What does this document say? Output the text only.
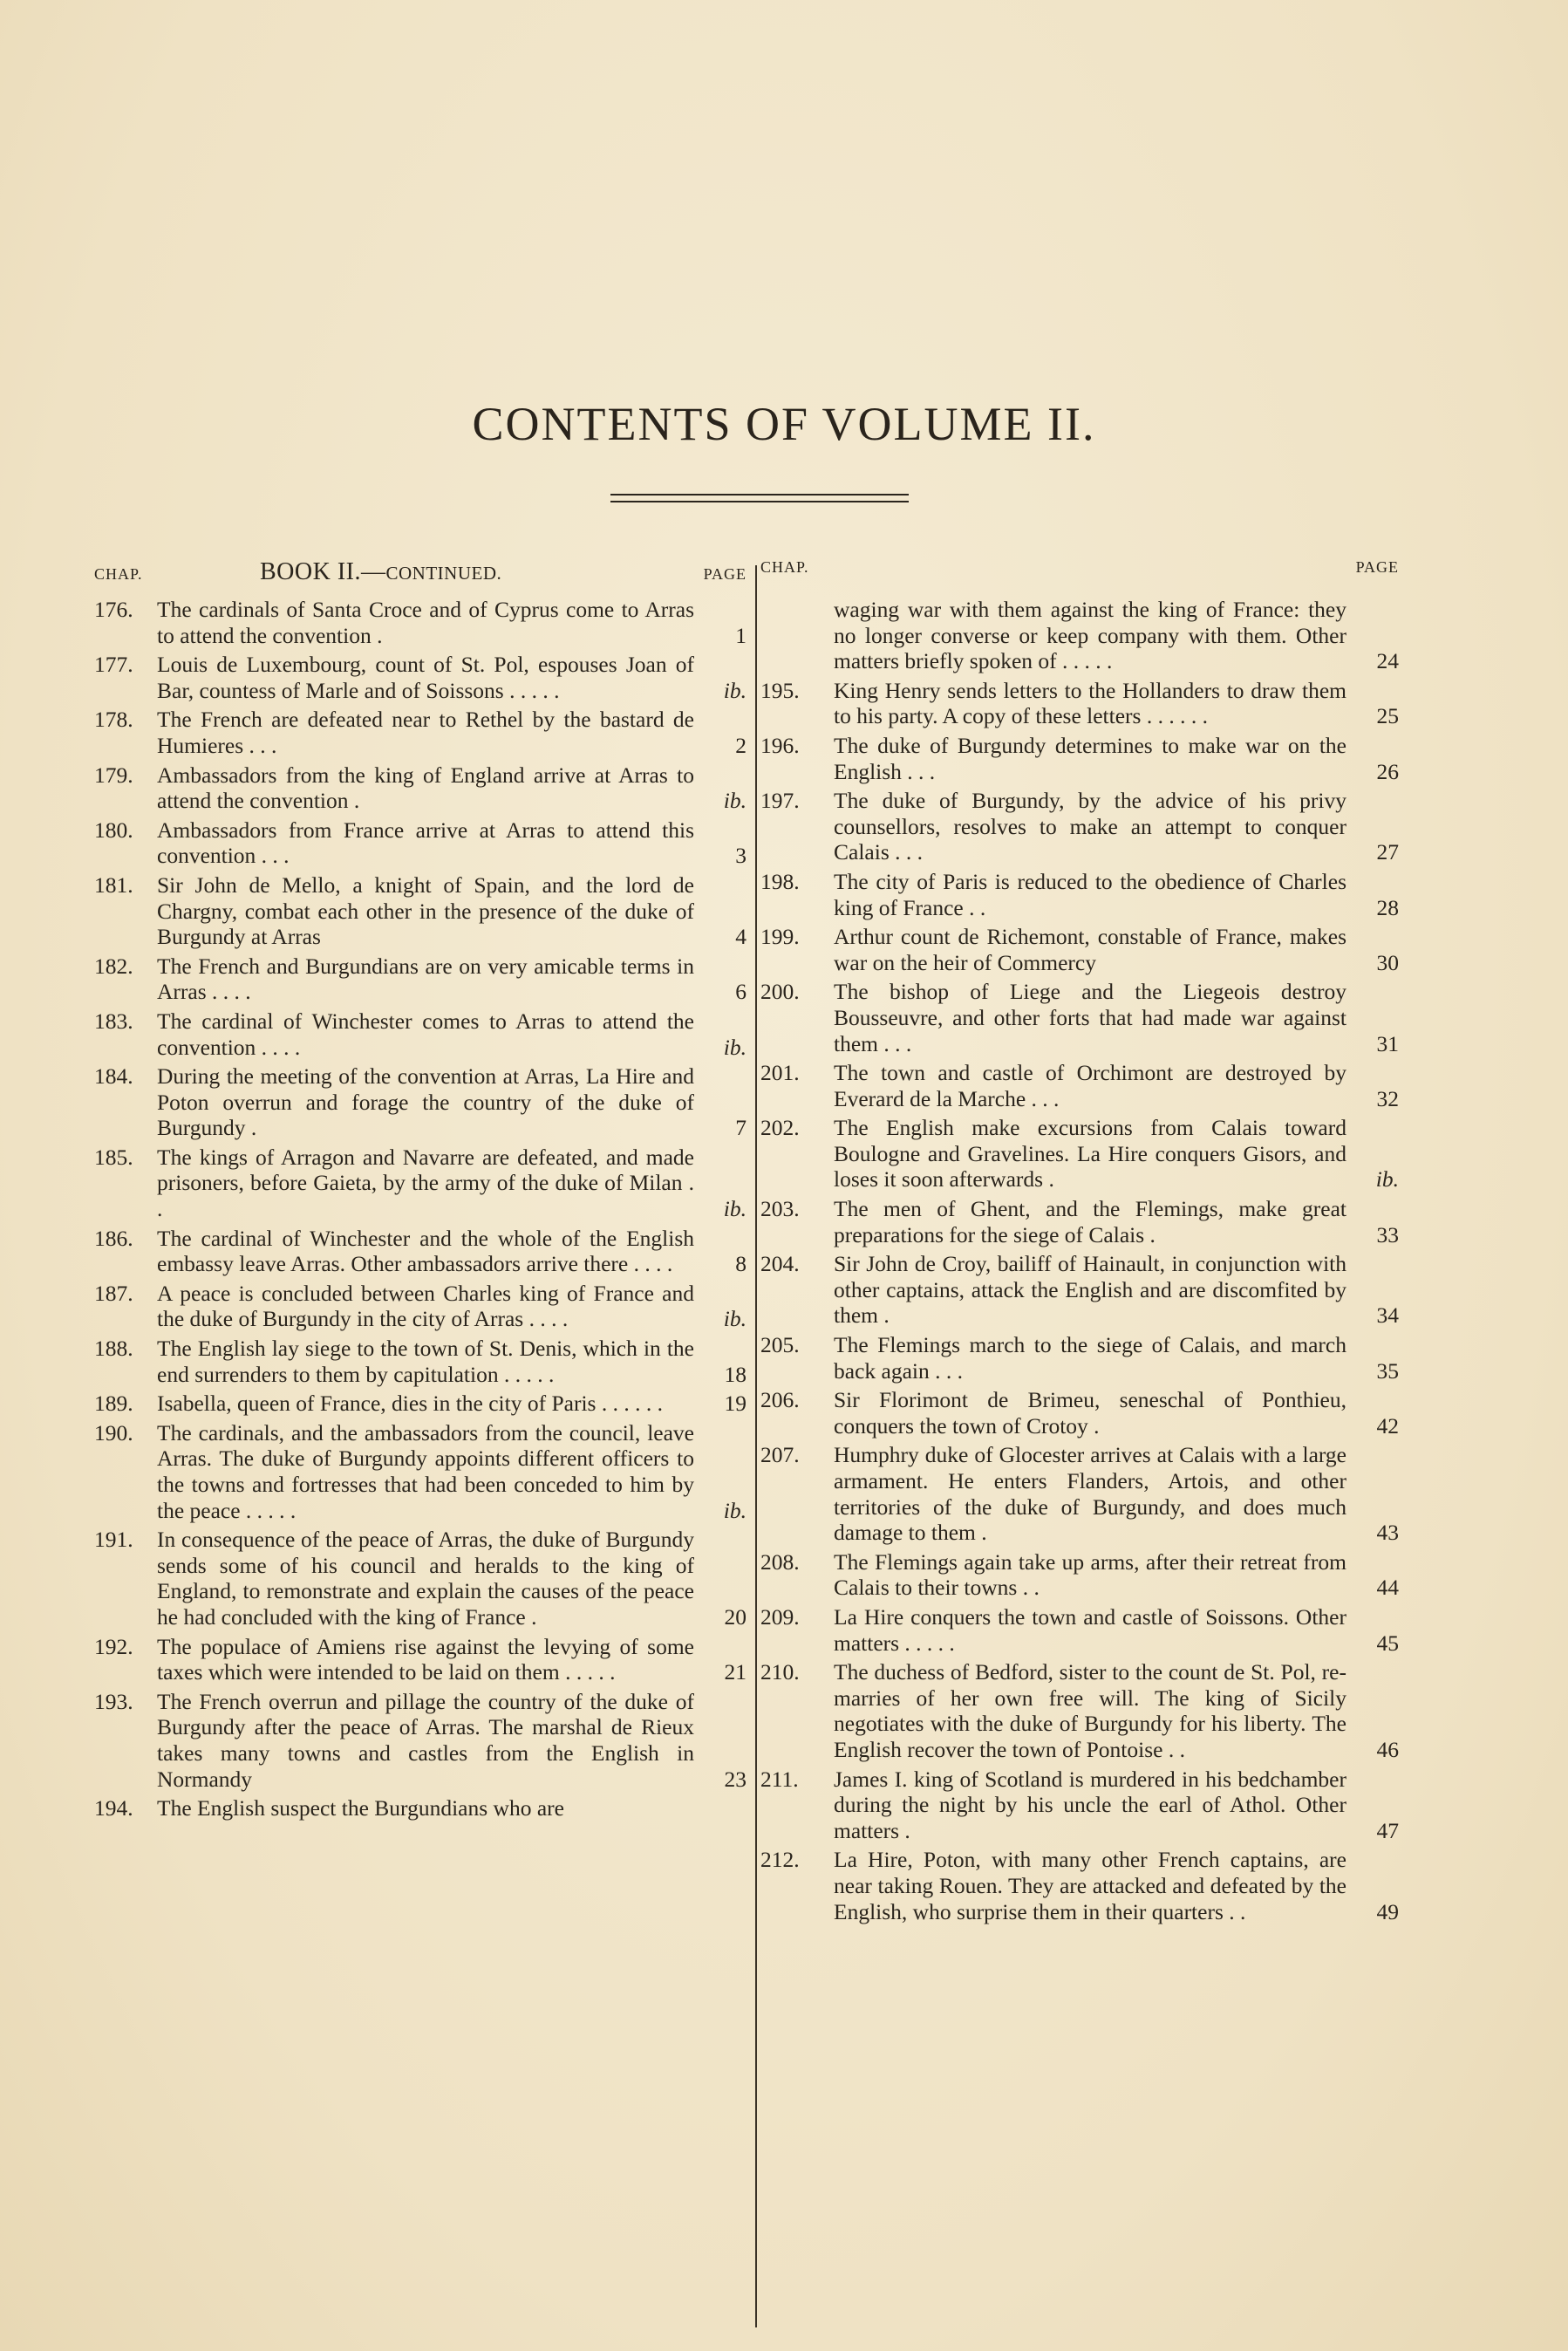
CONTENTS OF VOLUME II.
CHAP.	BOOK II.—CONTINUED.	PAGE
176.	The cardinals of Santa Croce and of Cyprus come to Arras to attend the convention .	1
177.	Louis de Luxembourg, count of St. Pol, espouses Joan of Bar, countess of Marle and of Soissons . . . . .	ib.
178.	The French are defeated near to Rethel by the bastard de Humieres . . .	2
179.	Ambassadors from the king of England arrive at Arras to attend the convention .	ib.
180.	Ambassadors from France arrive at Arras to attend this convention . . .	3
181.	Sir John de Mello, a knight of Spain, and the lord de Chargny, combat each other in the presence of the duke of Burgundy at Arras	4
182.	The French and Burgundians are on very amicable terms in Arras . . . .	6
183.	The cardinal of Winchester comes to Arras to attend the convention . . . .	ib.
184.	During the meeting of the convention at Arras, La Hire and Poton overrun and forage the country of the duke of Burgundy .	7
185.	The kings of Arragon and Navarre are defeated, and made prisoners, before Gaieta, by the army of the duke of Milan . .	ib.
186.	The cardinal of Winchester and the whole of the English embassy leave Arras. Other ambassadors arrive there . . . .	8
187.	A peace is concluded between Charles king of France and the duke of Burgundy in the city of Arras . . . .	ib.
188.	The English lay siege to the town of St. Denis, which in the end surrenders to them by capitulation . . . . .	18
189.	Isabella, queen of France, dies in the city of Paris . . . . . .	19
190.	The cardinals, and the ambassadors from the council, leave Arras. The duke of Burgundy appoints different officers to the towns and fortresses that had been conceded to him by the peace . . . . .	ib.
191.	In consequence of the peace of Arras, the duke of Burgundy sends some of his council and heralds to the king of England, to remonstrate and explain the causes of the peace he had concluded with the king of France .	20
192.	The populace of Amiens rise against the levying of some taxes which were intended to be laid on them . . . . .	21
193.	The French overrun and pillage the country of the duke of Burgundy after the peace of Arras. The marshal de Rieux takes many towns and castles from the English in Normandy	23
194.	The English suspect the Burgundians who are
CHAP.	PAGE
waging war with them against the king of France: they no longer converse or keep company with them. Other matters briefly spoken of . . . . .	24
195.	King Henry sends letters to the Hollanders to draw them to his party. A copy of these letters . . . . . .	25
196.	The duke of Burgundy determines to make war on the English . . .	26
197.	The duke of Burgundy, by the advice of his privy counsellors, resolves to make an attempt to conquer Calais . . .	27
198.	The city of Paris is reduced to the obedience of Charles king of France . .	28
199.	Arthur count de Richemont, constable of France, makes war on the heir of Commercy	30
200.	The bishop of Liege and the Liegeois destroy Bousseuvre, and other forts that had made war against them . . .	31
201.	The town and castle of Orchimont are destroyed by Everard de la Marche . . .	32
202.	The English make excursions from Calais toward Boulogne and Gravelines. La Hire conquers Gisors, and loses it soon afterwards .	ib.
203.	The men of Ghent, and the Flemings, make great preparations for the siege of Calais .	33
204.	Sir John de Croy, bailiff of Hainault, in conjunction with other captains, attack the English and are discomfited by them .	34
205.	The Flemings march to the siege of Calais, and march back again . . .	35
206.	Sir Florimont de Brimeu, seneschal of Ponthieu, conquers the town of Crotoy .	42
207.	Humphry duke of Glocester arrives at Calais with a large armament. He enters Flanders, Artois, and other territories of the duke of Burgundy, and does much damage to them .	43
208.	The Flemings again take up arms, after their retreat from Calais to their towns . .	44
209.	La Hire conquers the town and castle of Soissons. Other matters . . . . .	45
210.	The duchess of Bedford, sister to the count de St. Pol, re-marries of her own free will. The king of Sicily negotiates with the duke of Burgundy for his liberty. The English recover the town of Pontoise . .	46
211.	James I. king of Scotland is murdered in his bedchamber during the night by his uncle the earl of Athol. Other matters .	47
212.	La Hire, Poton, with many other French captains, are near taking Rouen. They are attacked and defeated by the English, who surprise them in their quarters . .	49
